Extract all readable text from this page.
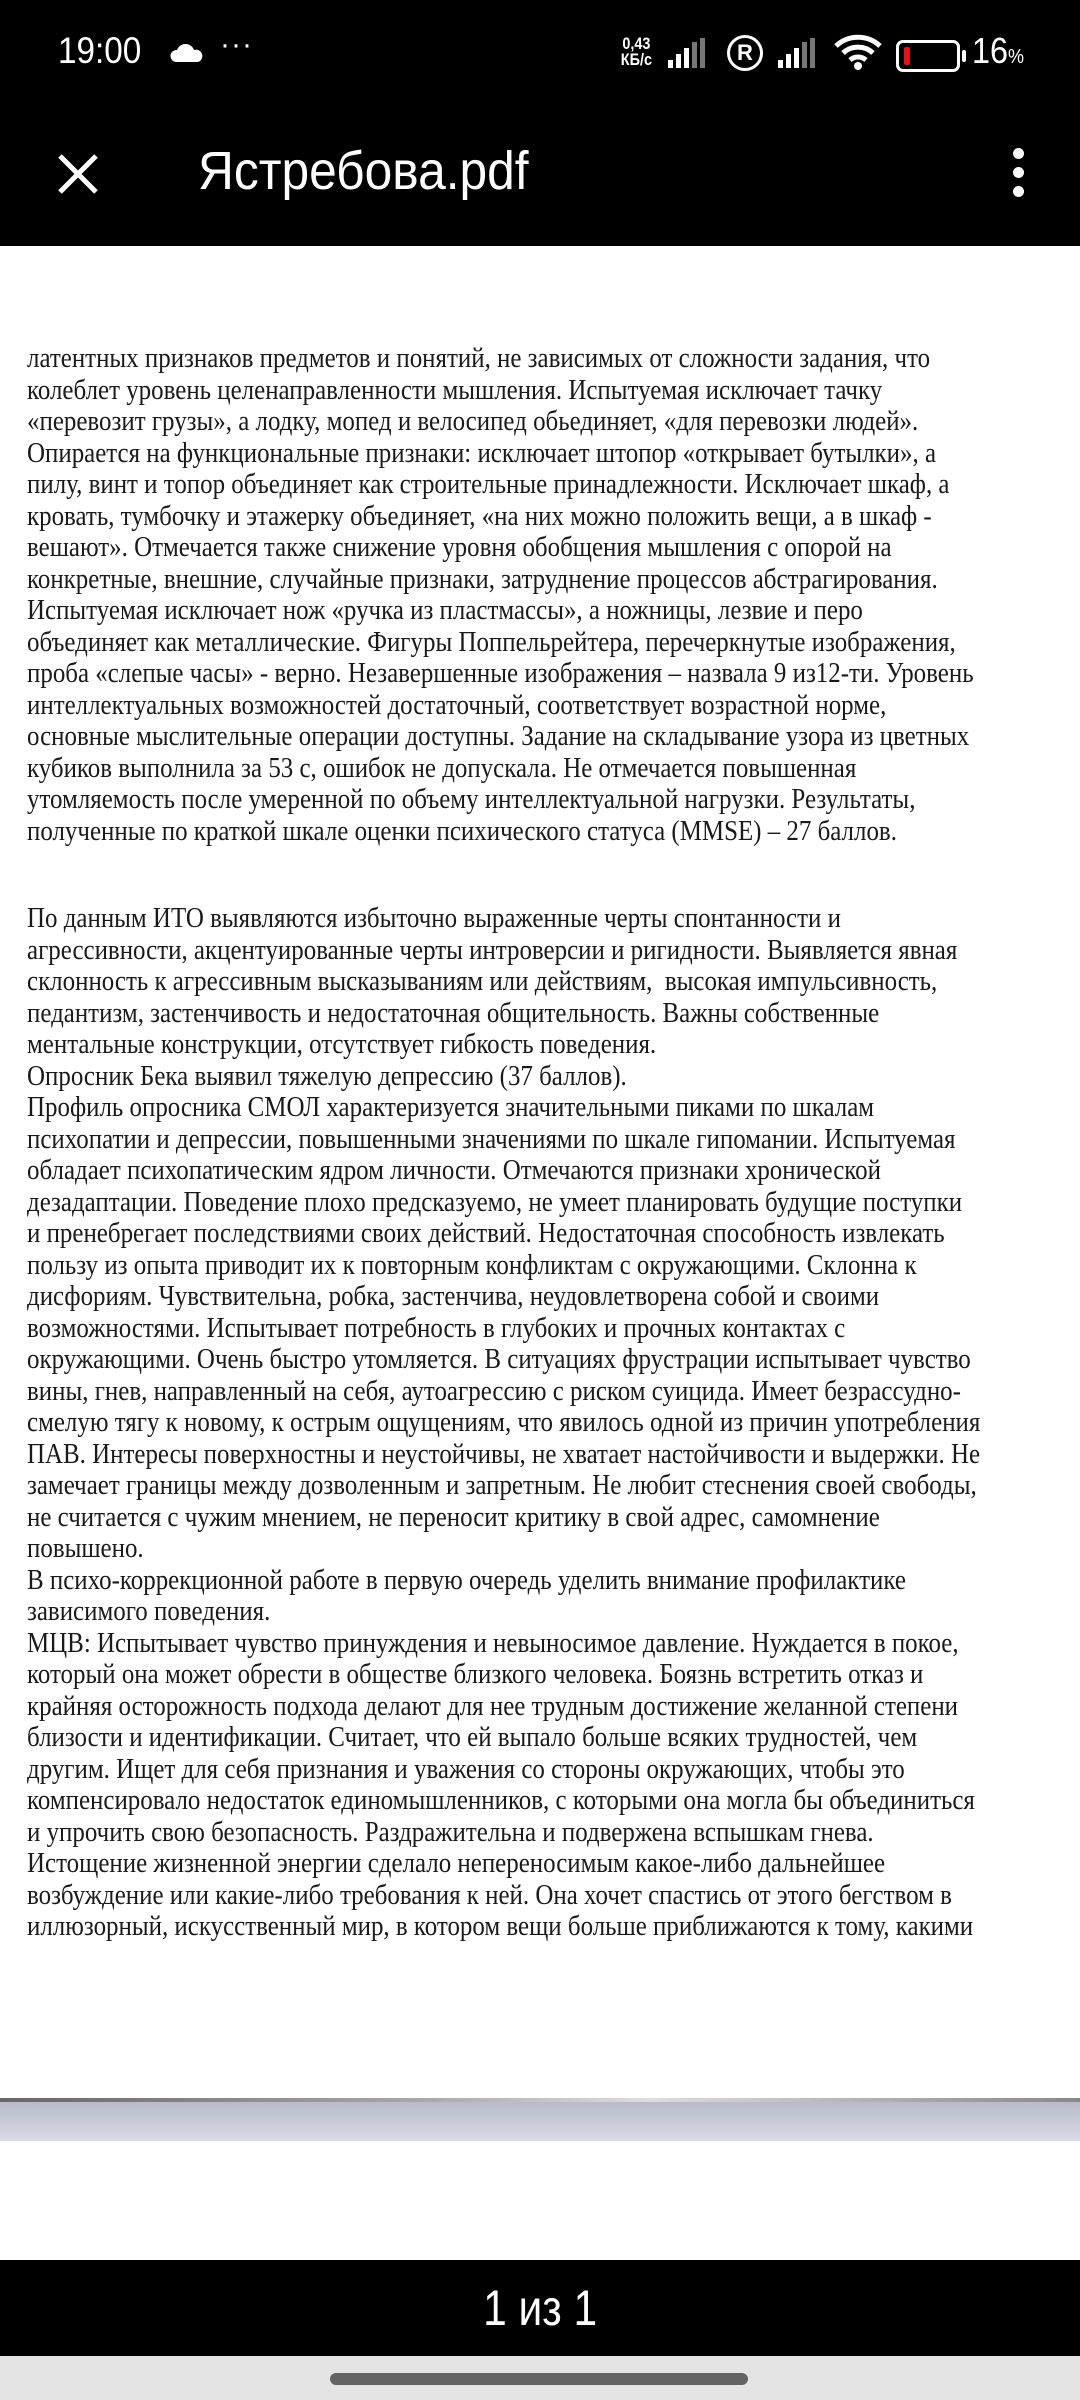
19:00	···	0,43
КБ/с	R	16%
Ястребова.pdf
латентных признаков предметов и понятий, не зависимых от сложности задания, что
колеблет уровень целенаправленности мышления. Испытуемая исключает тачку
«перевозит грузы», а лодку, мопед и велосипед обьединяет, «для перевозки людей».
Опирается на функциональные признаки: исключает штопор «открывает бутылки», а
пилу, винт и топор объединяет как строительные принадлежности. Исключает шкаф, а
кровать, тумбочку и этажерку объединяет, «на них можно положить вещи, а в шкаф -
вешают». Отмечается также снижение уровня обобщения мышления с опорой на
конкретные, внешние, случайные признаки, затруднение процессов абстрагирования.
Испытуемая исключает нож «ручка из пластмассы», а ножницы, лезвие и перо
объединяет как металлические. Фигуры Поппельрейтера, перечеркнутые изображения,
проба «слепые часы» - верно. Незавершенные изображения – назвала 9 из12-ти. Уровень
интеллектуальных возможностей достаточный, соответствует возрастной норме,
основные мыслительные операции доступны. Задание на складывание узора из цветных
кубиков выполнила за 53 с, ошибок не допускала. Не отмечается повышенная
утомляемость после умеренной по объему интеллектуальной нагрузки. Результаты,
полученные по краткой шкале оценки психического статуса (MMSE) – 27 баллов.
По данным ИТО выявляются избыточно выраженные черты спонтанности и
агрессивности, акцентуированные черты интроверсии и ригидности. Выявляется явная
склонность к агрессивным высказываниям или действиям,  высокая импульсивность,
педантизм, застенчивость и недостаточная общительность. Важны собственные
ментальные конструкции, отсутствует гибкость поведения.
Опросник Бека выявил тяжелую депрессию (37 баллов).
Профиль опросника СМОЛ характеризуется значительными пиками по шкалам
психопатии и депрессии, повышенными значениями по шкале гипомании. Испытуемая
обладает психопатическим ядром личности. Отмечаются признаки хронической
дезадаптации. Поведение плохо предсказуемо, не умеет планировать будущие поступки
и пренебрегает последствиями своих действий. Недостаточная способность извлекать
пользу из опыта приводит их к повторным конфликтам с окружающими. Склонна к
дисфориям. Чувствительна, робка, застенчива, неудовлетворена собой и своими
возможностями. Испытывает потребность в глубоких и прочных контактах с
окружающими. Очень быстро утомляется. В ситуациях фрустрации испытывает чувство
вины, гнев, направленный на себя, аутоагрессию с риском суицида. Имеет безрассудно-
смелую тягу к новому, к острым ощущениям, что явилось одной из причин употребления
ПАВ. Интересы поверхностны и неустойчивы, не хватает настойчивости и выдержки. Не
замечает границы между дозволенным и запретным. Не любит стеснения своей свободы,
не считается с чужим мнением, не переносит критику в свой адрес, самомнение
повышено.
В психо-коррекционной работе в первую очередь уделить внимание профилактике
зависимого поведения.
МЦВ: Испытывает чувство принуждения и невыносимое давление. Нуждается в покое,
который она может обрести в обществе близкого человека. Боязнь встретить отказ и
крайняя осторожность подхода делают для нее трудным достижение желанной степени
близости и идентификации. Считает, что ей выпало больше всяких трудностей, чем
другим. Ищет для себя признания и уважения со стороны окружающих, чтобы это
компенсировало недостаток единомышленников, с которыми она могла бы объединиться
и упрочить свою безопасность. Раздражительна и подвержена вспышкам гнева.
Истощение жизненной энергии сделало непереносимым какое-либо дальнейшее
возбуждение или какие-либо требования к ней. Она хочет спастись от этого бегством в
иллюзорный, искусственный мир, в котором вещи больше приближаются к тому, какими
1 из 1
